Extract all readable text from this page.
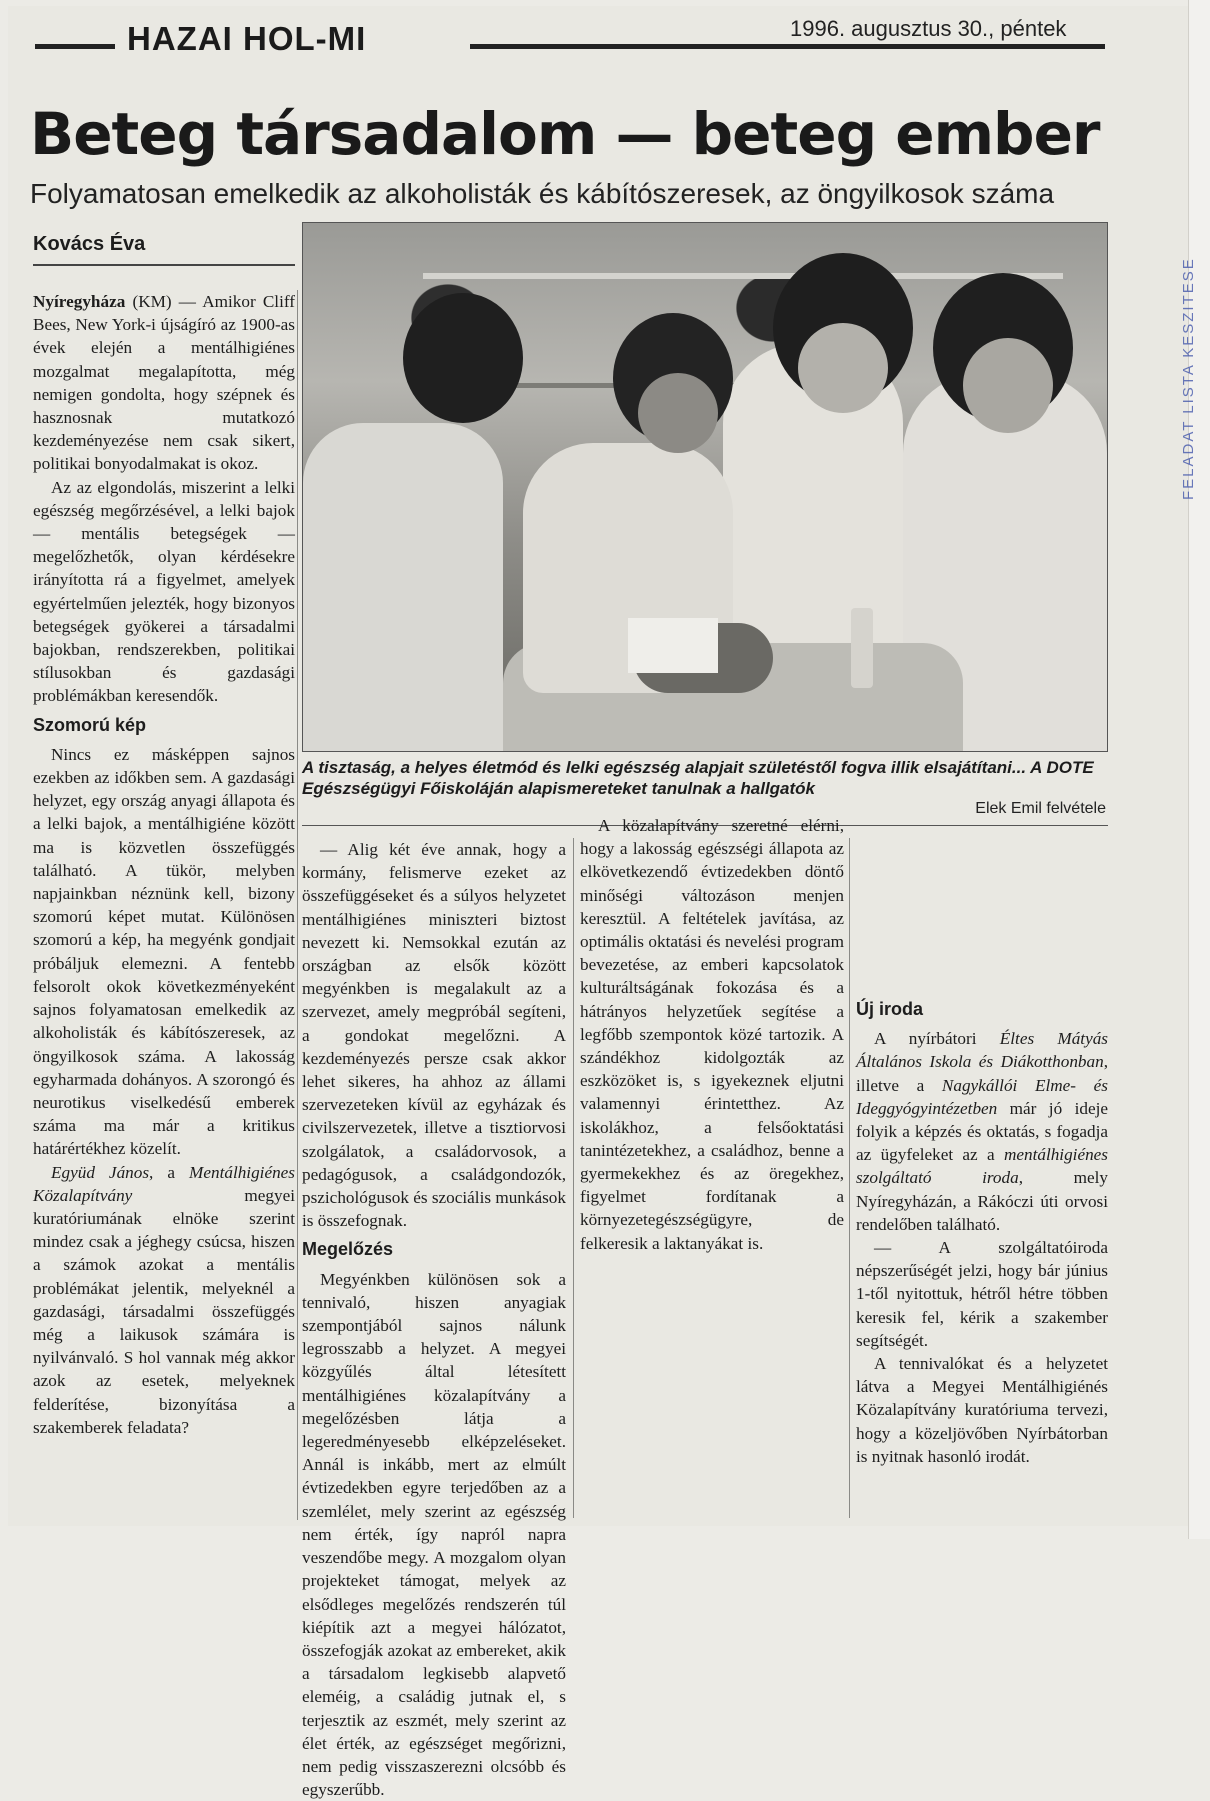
FELADAT LISTA KESZITESE
HAZAI HOL-MI	1996. augusztus 30., péntek
Beteg társadalom — beteg ember
Folyamatosan emelkedik az alkoholisták és kábítószeresek, az öngyilkosok száma
Kovács Éva
A tisztaság, a helyes életmód és lelki egészség alapjait születéstől fogva illik elsajátítani... A DOTE Egészségügyi Főiskoláján alapismereteket tanulnak a hallgatók
Elek Emil felvétele

Nyíregyháza (KM) — Amikor Cliff Bees, New York-i újságíró az 1900-as évek elején a mentálhigiénes mozgalmat megalapította, még nemigen gondolta, hogy szépnek és hasznosnak mutatkozó kezdeményezése nem csak sikert, politikai bonyodalmakat is okoz.

Az az elgondolás, miszerint a lelki egészség megőrzésével, a lelki bajok — mentális betegségek — megelőzhetők, olyan kérdésekre irányította rá a figyelmet, amelyek egyértelműen jelezték, hogy bizonyos betegségek gyökerei a társadalmi bajokban, rendszerekben, politikai stílusokban és gazdasági problémákban keresendők.

Szomorú kép

Nincs ez másképpen sajnos ezekben az időkben sem. A gazdasági helyzet, egy ország anyagi állapota és a lelki bajok, a mentálhigiéne között ma is közvetlen összefüggés található. A tükör, melyben napjainkban néznünk kell, bizony szomorú képet mutat. Különösen szomorú a kép, ha megyénk gondjait próbáljuk elemezni. A fentebb felsorolt okok következményeként sajnos folyamatosan emelkedik az alkoholisták és kábítószeresek, az öngyilkosok száma. A lakosság egyharmada dohányos. A szorongó és neurotikus viselkedésű emberek száma ma már a kritikus határértékhez közelít.

Együd János, a Mentálhigiénes Közalapítvány megyei kuratóriumának elnöke szerint mindez csak a jéghegy csúcsa, hiszen a számok azokat a mentális problémákat jelentik, melyeknél a gazdasági, társadalmi összefüggés még a laikusok számára is nyilvánvaló. S hol vannak még akkor azok az esetek, melyeknek felderítése, bizonyítása a szakemberek feladata?

— Alig két éve annak, hogy a kormány, felismerve ezeket az összefüggéseket és a súlyos helyzetet mentálhigiénes miniszteri biztost nevezett ki. Nemsokkal ezután az országban az elsők között megyénkben is megalakult az a szervezet, amely megpróbál segíteni, a gondokat megelőzni. A kezdeményezés persze csak akkor lehet sikeres, ha ahhoz az állami szervezeteken kívül az egyházak és civilszervezetek, illetve a tisztiorvosi szolgálatok, a családorvosok, a pedagógusok, a családgondozók, pszichológusok és szociális munkások is összefognak.

Megelőzés

Megyénkben különösen sok a tennivaló, hiszen anyagiak szempontjából sajnos nálunk legrosszabb a helyzet. A megyei közgyűlés által létesített mentálhigiénes közalapítvány a megelőzésben látja a legeredményesebb elképzeléseket. Annál is inkább, mert az elmúlt évtizedekben egyre terjedőben az a szemlélet, mely szerint az egészség nem érték, így napról napra veszendőbe megy. A mozgalom olyan projekteket támogat, melyek az elsődleges megelőzés rendszerén túl kiépítik azt a megyei hálózatot, összefogják azokat az embereket, akik a társadalom legkisebb alapvető eleméig, a családig jutnak el, s terjesztik az eszmét, mely szerint az élet érték, az egészséget megőrizni, nem pedig visszaszerezni olcsóbb és egyszerűbb.

A közalapítvány szeretné elérni, hogy a lakosság egészségi állapota az elkövetkezendő évtizedekben döntő minőségi változáson menjen keresztül. A feltételek javítása, az optimális oktatási és nevelési program bevezetése, az emberi kapcsolatok kulturáltságának fokozása és a hátrányos helyzetűek segítése a legfőbb szempontok közé tartozik. A szándékhoz kidolgozták az eszközöket is, s igyekeznek eljutni valamennyi érintetthez. Az iskolákhoz, a felsőoktatási tanintézetekhez, a családhoz, benne a gyermekekhez és az öregekhez, figyelmet fordítanak a környezetegészségügyre, de felkeresik a laktanyákat is.

Új iroda

A nyírbátori Éltes Mátyás Általános Iskola és Diákotthonban, illetve a Nagykállói Elme- és Ideggyógyintézetben már jó ideje folyik a képzés és oktatás, s fogadja az ügyfeleket az a mentálhigiénes szolgáltató iroda, mely Nyíregyházán, a Rákóczi úti orvosi rendelőben található.

— A szolgáltatóiroda népszerűségét jelzi, hogy bár június 1-től nyitottuk, hétről hétre többen keresik fel, kérik a szakember segítségét.

A tennivalókat és a helyzetet látva a Megyei Mentálhigiénés Közalapítvány kuratóriuma tervezi, hogy a közeljövőben Nyírbátorban is nyitnak hasonló irodát.
